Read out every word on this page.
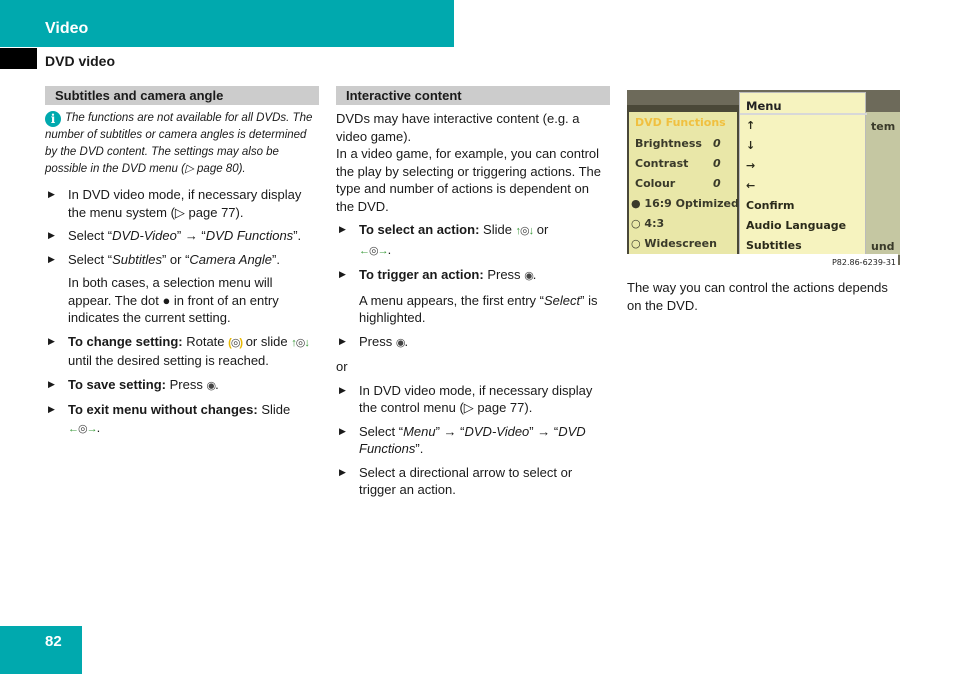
Video
DVD video
Subtitles and camera angle
i The functions are not available for all DVDs. The number of subtitles or camera angles is determined by the DVD content. The settings may also be possible in the DVD menu (▷ page 80).
▶ In DVD video mode, if necessary display the menu system (▷ page 77).
▶ Select “DVD-Video” → “DVD Functions”.
▶ Select “Subtitles” or “Camera Angle”.
In both cases, a selection menu will appear. The dot ● in front of an entry indicates the current setting.
▶ To change setting: Rotate (◎) or slide ↑◎↓ until the desired setting is reached.
▶ To save setting: Press ◉.
▶ To exit menu without changes: Slide
←◎→.
Interactive content
DVDs may have interactive content (e.g. a video game).
In a video game, for example, you can control the play by selecting or triggering actions. The type and number of actions is dependent on the DVD.
▶ To select an action: Slide ↑◎↓ or
←◎→.
▶ To trigger an action: Press ◉.
A menu appears, the first entry “Select” is highlighted.
▶ Press ◉.
or
▶ In DVD video mode, if necessary display the control menu (▷ page 77).
▶ Select “Menu” → “DVD-Video” → “DVD Functions”.
▶ Select a directional arrow to select or trigger an action.
DVD Functions
Brightness 0
Contrast 0
Colour	0
● 16:9 Optimized
○ 4:3
○ Widescreen
Menu
↑
↓
→
←
Confirm
Audio Language
Subtitles
tem
und
P82.86-6239-31
The way you can control the actions depends on the DVD.
82
